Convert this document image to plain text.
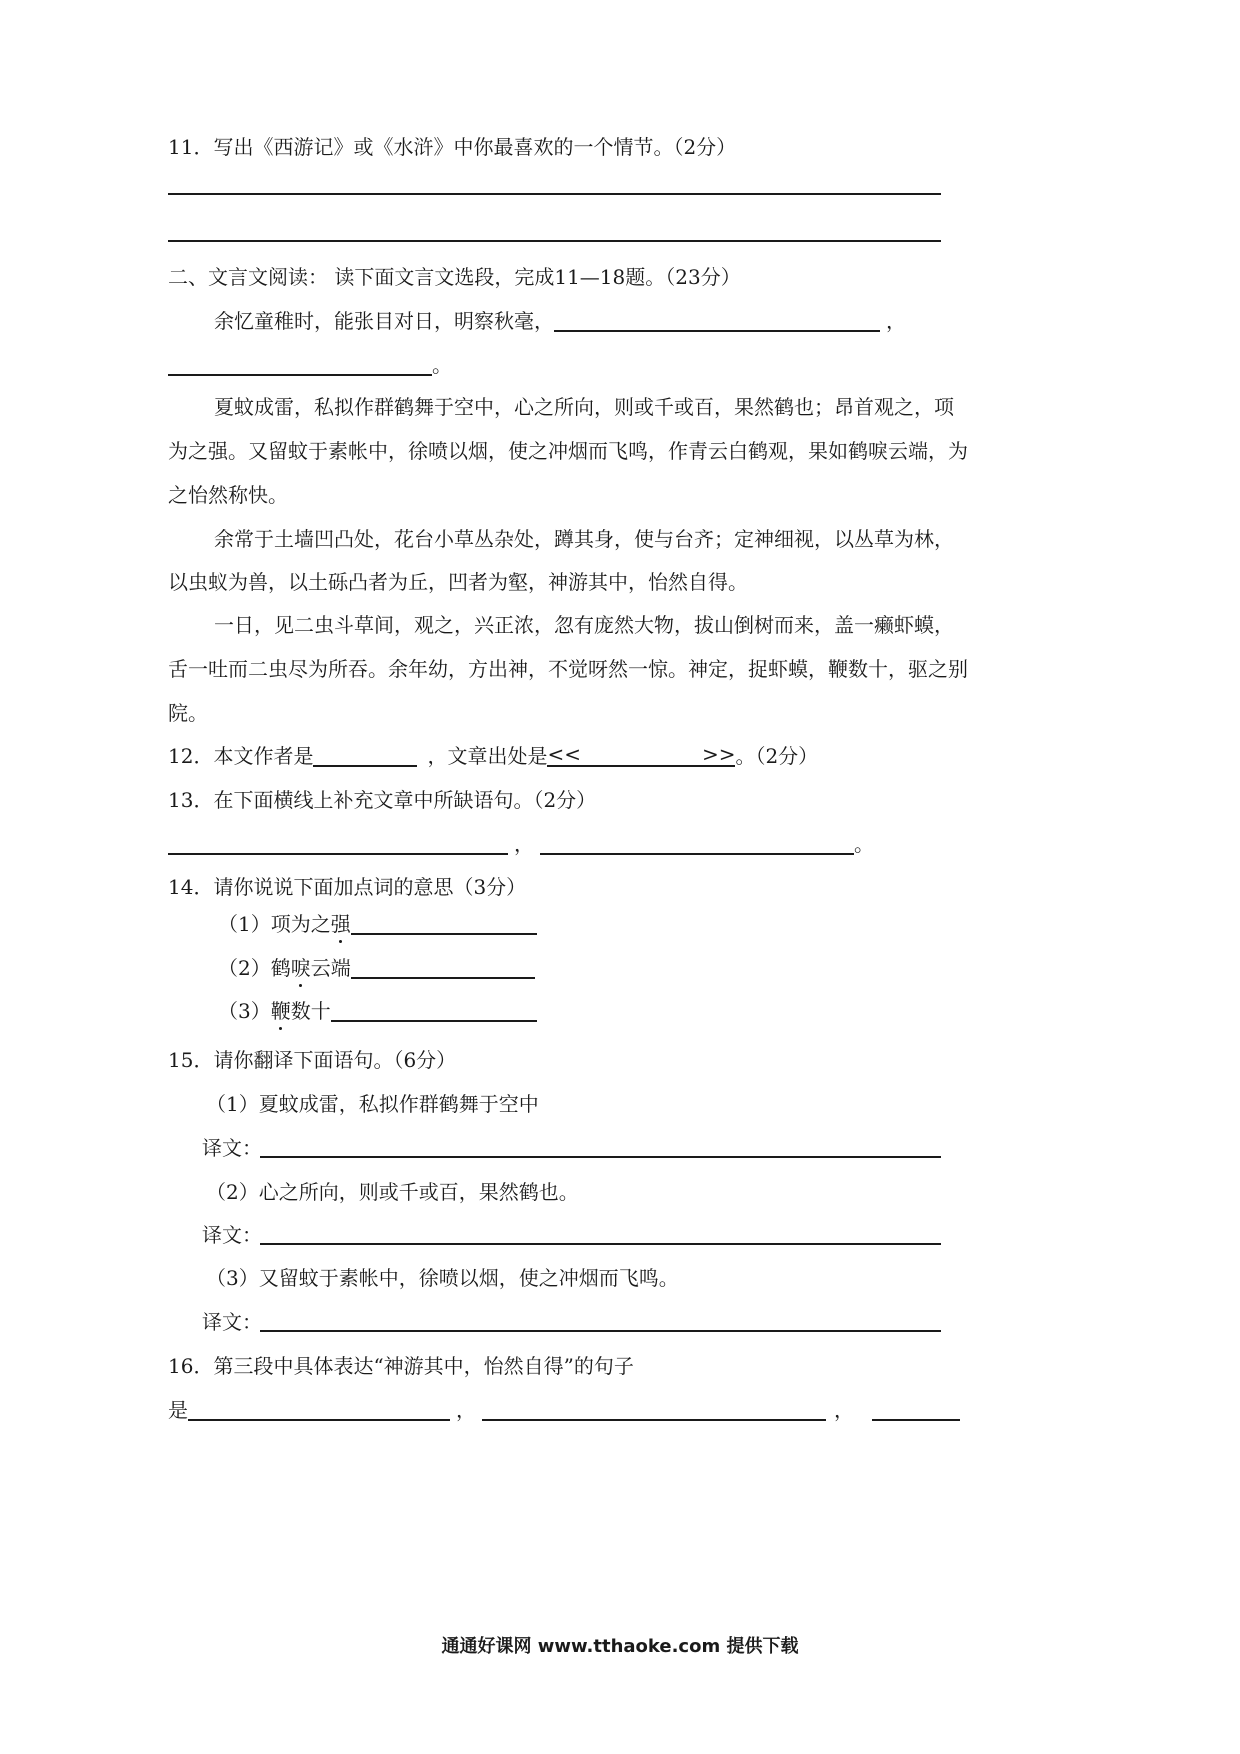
11．写出《西游记》或《水浒》中你最喜欢的一个情节。（2分）
二、文言文阅读： 读下面文言文选段，完成11—18题。（23分）
余忆童稚时，能张目对日，明察秋毫，	，
。
夏蚊成雷，私拟作群鹤舞于空中，心之所向，则或千或百，果然鹤也；昂首观之，项
为之强。又留蚊于素帐中，徐喷以烟，使之冲烟而飞鸣，作青云白鹤观，果如鹤唳云端，为
之怡然称快。
余常于土墙凹凸处，花台小草丛杂处，蹲其身，使与台齐；定神细视，以丛草为林，
以虫蚁为兽，以土砾凸者为丘，凹者为壑，神游其中，怡然自得。
一日，见二虫斗草间，观之，兴正浓，忽有庞然大物，拔山倒树而来，盖一癞虾蟆，
舌一吐而二虫尽为所吞。余年幼，方出神，不觉呀然一惊。神定，捉虾蟆，鞭数十，驱之别
院。
12．本文作者是	，文章出处是 <<	>> 。（2分）
13．在下面横线上补充文章中所缺语句。（2分）
，	。
14．请你说说下面加点词的意思（3分）
（1）项为之强
（2）鹤唳云端
（3）鞭数十
15．请你翻译下面语句。（6分）
（1）夏蚊成雷，私拟作群鹤舞于空中
译文：
（2）心之所向，则或千或百，果然鹤也。
译文：
（3）又留蚊于素帐中，徐喷以烟，使之冲烟而飞鸣。
译文：
16．第三段中具体表达“神游其中，怡然自得”的句子
是	，	，
通通好课网 www.tthaoke.com 提供下载
